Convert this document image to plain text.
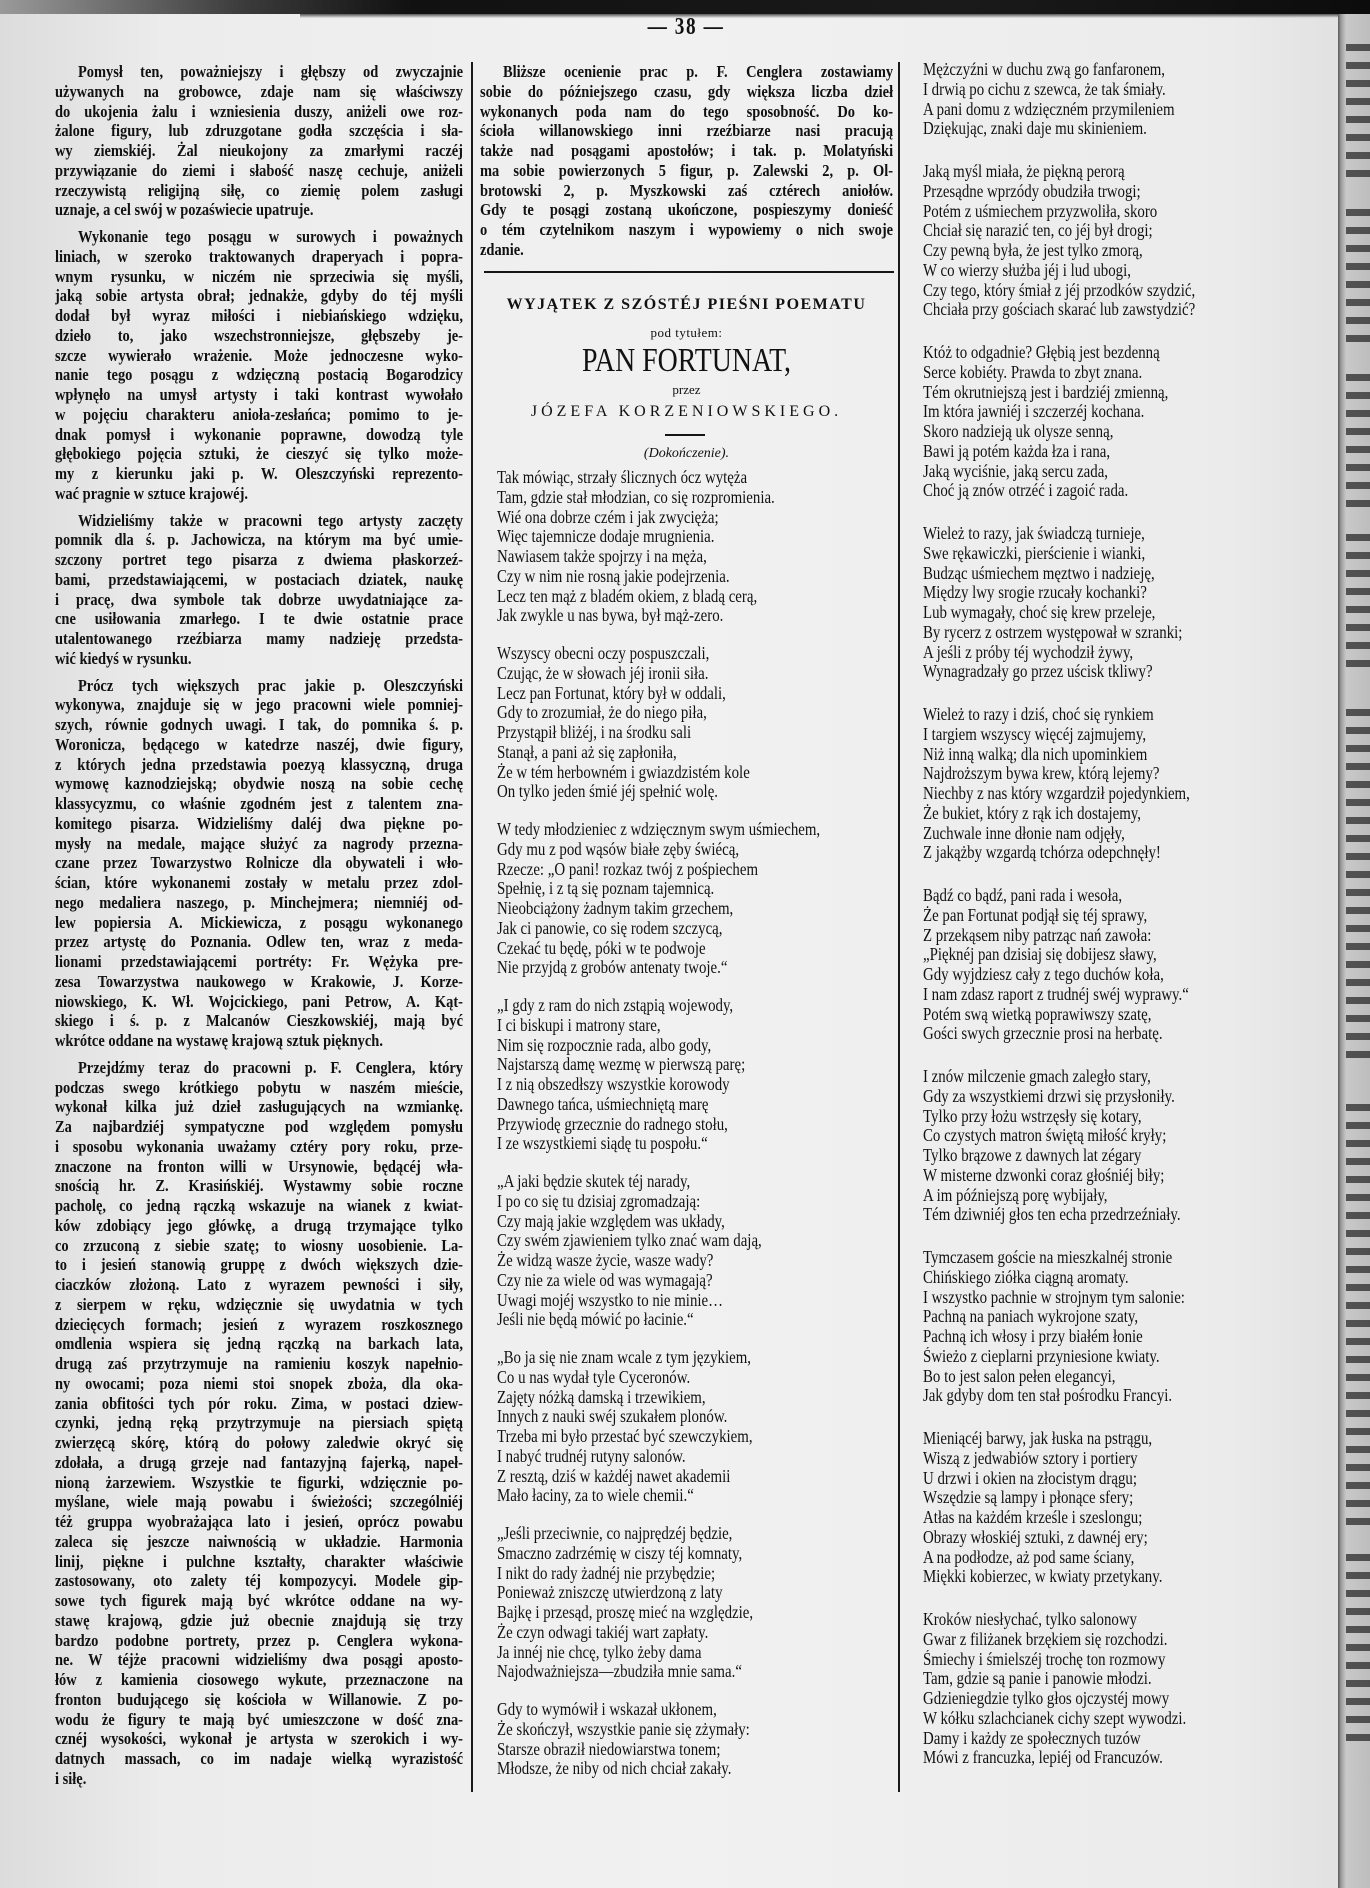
— 38 —
Pomysł ten, poważniejszy i głębszy od zwyczajnie
używanych na grobowce, zdaje nam się właściwszy
do ukojenia żalu i wzniesienia duszy, aniżeli owe roz-
żalone figury, lub zdruzgotane godła szczęścia i sła-
wy ziemskiéj. Żal nieukojony za zmarłymi raczéj
przywiązanie do ziemi i słabość naszę cechuje, aniżeli
rzeczywistą religijną siłę, co ziemię polem zasługi
uznaje, a cel swój w pozaświecie upatruje.
Wykonanie tego posągu w surowych i poważnych
liniach, w szeroko traktowanych draperyach i popra-
wnym rysunku, w niczém nie sprzeciwia się myśli,
jaką sobie artysta obrał; jednakże, gdyby do téj myśli
dodał był wyraz miłości i niebiańskiego wdzięku,
dzieło to, jako wszechstronniejsze, głębszeby je-
szcze wywierało wrażenie. Może jednoczesne wyko-
nanie tego posągu z wdzięczną postacią Bogarodzicy
wpłynęło na umysł artysty i taki kontrast wywołało
w pojęciu charakteru anioła-zesłańca; pomimo to je-
dnak pomysł i wykonanie poprawne, dowodzą tyle
głębokiego pojęcia sztuki, że cieszyć się tylko może-
my z kierunku jaki p. W. Oleszczyński reprezento-
wać pragnie w sztuce krajowéj.
Widzieliśmy także w pracowni tego artysty zaczęty
pomnik dla ś. p. Jachowicza, na którym ma być umie-
szczony portret tego pisarza z dwiema płaskorzeź-
bami, przedstawiającemi, w postaciach dziatek, naukę
i pracę, dwa symbole tak dobrze uwydatniające za-
cne usiłowania zmarłego. I te dwie ostatnie prace
utalentowanego rzeźbiarza mamy nadzieję przedsta-
wić kiedyś w rysunku.
Prócz tych większych prac jakie p. Oleszczyński
wykonywa, znajduje się w jego pracowni wiele pomniej-
szych, równie godnych uwagi. I tak, do pomnika ś. p.
Woronicza, będącego w katedrze naszéj, dwie figury,
z których jedna przedstawia poezyą klassyczną, druga
wymowę kaznodziejską; obydwie noszą na sobie cechę
klassycyzmu, co właśnie zgodném jest z talentem zna-
komitego pisarza. Widzieliśmy daléj dwa piękne po-
mysły na medale, mające służyć za nagrody przezna-
czane przez Towarzystwo Rolnicze dla obywateli i wło-
ścian, które wykonanemi zostały w metalu przez zdol-
nego medaliera naszego, p. Minchejmera; niemniéj od-
lew popiersia A. Mickiewicza, z posągu wykonanego
przez artystę do Poznania. Odlew ten, wraz z meda-
lionami przedstawiającemi portréty: Fr. Wężyka pre-
zesa Towarzystwa naukowego w Krakowie, J. Korze-
niowskiego, K. Wł. Wojcickiego, pani Petrow, A. Kąt-
skiego i ś. p. z Malcanów Cieszkowskiéj, mają być
wkrótce oddane na wystawę krajową sztuk pięknych.
Przejdźmy teraz do pracowni p. F. Cenglera, który
podczas swego krótkiego pobytu w naszém mieście,
wykonał kilka już dzieł zasługujących na wzmiankę.
Za najbardziéj sympatyczne pod względem pomysłu
i sposobu wykonania uważamy cztéry pory roku, prze-
znaczone na fronton willi w Ursynowie, będącéj wła-
snością hr. Z. Krasińskiéj. Wystawmy sobie roczne
pacholę, co jedną rączką wskazuje na wianek z kwiat-
ków zdobiący jego główkę, a drugą trzymające tylko
co zrzuconą z siebie szatę; to wiosny uosobienie. La-
to i jesień stanowią gruppę z dwóch większych dzie-
ciaczków złożoną. Lato z wyrazem pewności i siły,
z sierpem w ręku, wdzięcznie się uwydatnia w tych
dziecięcych formach; jesień z wyrazem roszkosznego
omdlenia wspiera się jedną rączką na barkach lata,
drugą zaś przytrzymuje na ramieniu koszyk napełnio-
ny owocami; poza niemi stoi snopek zboża, dla oka-
zania obfitości tych pór roku. Zima, w postaci dziew-
czynki, jedną ręką przytrzymuje na piersiach spiętą
zwierzęcą skórę, którą do połowy zaledwie okryć się
zdołała, a drugą grzeje nad fantazyjną fajerką, napeł-
nioną żarzewiem. Wszystkie te figurki, wdzięcznie po-
myślane, wiele mają powabu i świeżości; szczególniéj
téż gruppa wyobrażająca lato i jesień, oprócz powabu
zaleca się jeszcze naiwnością w układzie. Harmonia
linij, piękne i pulchne kształty, charakter właściwie
zastosowany, oto zalety téj kompozycyi. Modele gip-
sowe tych figurek mają być wkrótce oddane na wy-
stawę krajową, gdzie już obecnie znajdują się trzy
bardzo podobne portrety, przez p. Cenglera wykona-
ne. W téjże pracowni widzieliśmy dwa posągi aposto-
łów z kamienia ciosowego wykute, przeznaczone na
fronton budującego się kościoła w Willanowie. Z po-
wodu że figury te mają być umieszczone w dość zna-
cznéj wysokości, wykonał je artysta w szerokich i wy-
datnych massach, co im nadaje wielką wyrazistość
i siłę.
Bliższe ocenienie prac p. F. Cenglera zostawiamy
sobie do późniejszego czasu, gdy większa liczba dzieł
wykonanych poda nam do tego sposobność. Do ko-
ścioła willanowskiego inni rzeźbiarze nasi pracują
także nad posągami apostołów; i tak. p. Molatyński
ma sobie powierzonych 5 figur, p. Zalewski 2, p. Ol-
brotowski 2, p. Myszkowski zaś cztérech aniołów.
Gdy te posągi zostaną ukończone, pospieszymy donieść
o tém czytelnikom naszym i wypowiemy o nich swoje
zdanie.
WYJĄTEK Z SZÓSTÉJ PIEŚNI POEMATU
pod tytułem:
PAN FORTUNAT,
przez
JÓZEFA KORZENIOWSKIEGO.
(Dokończenie).
Tak mówiąc, strzały ślicznych ócz wytęża
Tam, gdzie stał młodzian, co się rozpromienia.
Wié ona dobrze czém i jak zwycięża;
Więc tajemnicze dodaje mrugnienia.
Nawiasem także spojrzy i na męża,
Czy w nim nie rosną jakie podejrzenia.
Lecz ten mąż z bladém okiem, z bladą cerą,
Jak zwykle u nas bywa, był mąż-zero.
Wszyscy obecni oczy pospuszczali,
Czując, że w słowach jéj ironii siła.
Lecz pan Fortunat, który był w oddali,
Gdy to zrozumiał, że do niego piła,
Przystąpił bliżéj, i na środku sali
Stanął, a pani aż się zapłoniła,
Że w tém herbowném i gwiazdzistém kole
On tylko jeden śmié jéj spełnić wolę.
W tedy młodzieniec z wdzięcznym swym uśmiechem,
Gdy mu z pod wąsów białe zęby świécą,
Rzecze: „O pani! rozkaz twój z pośpiechem
Spełnię, i z tą się poznam tajemnicą.
Nieobciążony żadnym takim grzechem,
Jak ci panowie, co się rodem szczycą,
Czekać tu będę, póki w te podwoje
Nie przyjdą z grobów antenaty twoje.“
„I gdy z ram do nich zstąpią wojewody,
I ci biskupi i matrony stare,
Nim się rozpocznie rada, albo gody,
Najstarszą damę wezmę w pierwszą parę;
I z nią obszedłszy wszystkie korowody
Dawnego tańca, uśmiechniętą marę
Przywiodę grzecznie do radnego stołu,
I ze wszystkiemi siądę tu pospołu.“
„A jaki będzie skutek téj narady,
I po co się tu dzisiaj zgromadzają:
Czy mają jakie względem was układy,
Czy swém zjawieniem tylko znać wam dają,
Że widzą wasze życie, wasze wady?
Czy nie za wiele od was wymagają?
Uwagi mojéj wszystko to nie minie…
Jeśli nie będą mówić po łacinie.“
„Bo ja się nie znam wcale z tym językiem,
Co u nas wydał tyle Cyceronów.
Zajęty nóżką damską i trzewikiem,
Innych z nauki swéj szukałem plonów.
Trzeba mi było przestać być szewczykiem,
I nabyć trudnéj rutyny salonów.
Z resztą, dziś w każdéj nawet akademii
Mało łaciny, za to wiele chemii.“
„Jeśli przeciwnie, co najprędzéj będzie,
Smaczno zadrzémię w ciszy téj komnaty,
I nikt do rady żadnéj nie przybędzie;
Ponieważ zniszczę utwierdzoną z laty
Bajkę i przesąd, proszę mieć na względzie,
Że czyn odwagi takiéj wart zapłaty.
Ja innéj nie chcę, tylko żeby dama
Najodważniejsza—zbudziła mnie sama.“
Gdy to wymówił i wskazał ukłonem,
Że skończył, wszystkie panie się zżymały:
Starsze obraził niedowiarstwa tonem;
Młodsze, że niby od nich chciał zakały.
Mężczyźni w duchu zwą go fanfaronem,
I drwią po cichu z szewca, że tak śmiały.
A pani domu z wdzięczném przymileniem
Dziękując, znaki daje mu skinieniem.
Jaką myśl miała, że piękną perorą
Przesądne wprzódy obudziła trwogi;
Potém z uśmiechem przyzwoliła, skoro
Chciał się narazić ten, co jéj był drogi;
Czy pewną była, że jest tylko zmorą,
W co wierzy służba jéj i lud ubogi,
Czy tego, który śmiał z jéj przodków szydzić,
Chciała przy gościach skarać lub zawstydzić?
Któż to odgadnie? Głębią jest bezdenną
Serce kobiéty. Prawda to zbyt znana.
Tém okrutniejszą jest i bardziéj zmienną,
Im która jawniéj i szczerzéj kochana.
Skoro nadzieją uk olysze senną,
Bawi ją potém każda łza i rana,
Jaką wyciśnie, jaką sercu zada,
Choć ją znów otrzéć i zagoić rada.
Wieleż to razy, jak świadczą turnieje,
Swe rękawiczki, pierścienie i wianki,
Budząc uśmiechem męztwo i nadzieję,
Między lwy srogie rzucały kochanki?
Lub wymagały, choć się krew przeleje,
By rycerz z ostrzem występował w szranki;
A jeśli z próby téj wychodził żywy,
Wynagradzały go przez uścisk tkliwy?
Wieleż to razy i dziś, choć się rynkiem
I targiem wszyscy więcéj zajmujemy,
Niż inną walką; dla nich upominkiem
Najdroższym bywa krew, którą lejemy?
Niechby z nas który wzgardził pojedynkiem,
Że bukiet, który z rąk ich dostajemy,
Zuchwale inne dłonie nam odjęły,
Z jakążby wzgardą tchórza odepchnęły!
Bądź co bądź, pani rada i wesoła,
Że pan Fortunat podjął się téj sprawy,
Z przekąsem niby patrząc nań zawoła:
„Pięknéj pan dzisiaj się dobijesz sławy,
Gdy wyjdziesz cały z tego duchów koła,
I nam zdasz raport z trudnéj swéj wyprawy.“
Potém swą wietką poprawiwszy szatę,
Gości swych grzecznie prosi na herbatę.
I znów milczenie gmach zaległo stary,
Gdy za wszystkiemi drzwi się przysłoniły.
Tylko przy łożu wstrzęsły się kotary,
Co czystych matron świętą miłość kryły;
Tylko brązowe z dawnych lat zégary
W misterne dzwonki coraz głośniéj biły;
A im późniejszą porę wybijały,
Tém dziwniéj głos ten echa przedrzeźniały.
Tymczasem goście na mieszkalnéj stronie
Chińskiego ziółka ciągną aromaty.
I wszystko pachnie w strojnym tym salonie:
Pachną na paniach wykrojone szaty,
Pachną ich włosy i przy białém łonie
Świeżo z cieplarni przyniesione kwiaty.
Bo to jest salon pełen elegancyi,
Jak gdyby dom ten stał pośrodku Francyi.
Mieniącéj barwy, jak łuska na pstrągu,
Wiszą z jedwabiów sztory i portiery
U drzwi i okien na złocistym drągu;
Wszędzie są lampy i płonące sfery;
Atłas na każdém krześle i szeslongu;
Obrazy włoskiéj sztuki, z dawnéj ery;
A na podłodze, aż pod same ściany,
Miękki kobierzec, w kwiaty przetykany.
Kroków niesłychać, tylko salonowy
Gwar z filiżanek brzękiem się rozchodzi.
Śmiechy i śmielszéj trochę ton rozmowy
Tam, gdzie są panie i panowie młodzi.
Gdzieniegdzie tylko głos ojczystéj mowy
W kółku szlachcianek cichy szept wywodzi.
Damy i każdy ze społecznych tuzów
Mówi z francuzka, lepiéj od Francuzów.
